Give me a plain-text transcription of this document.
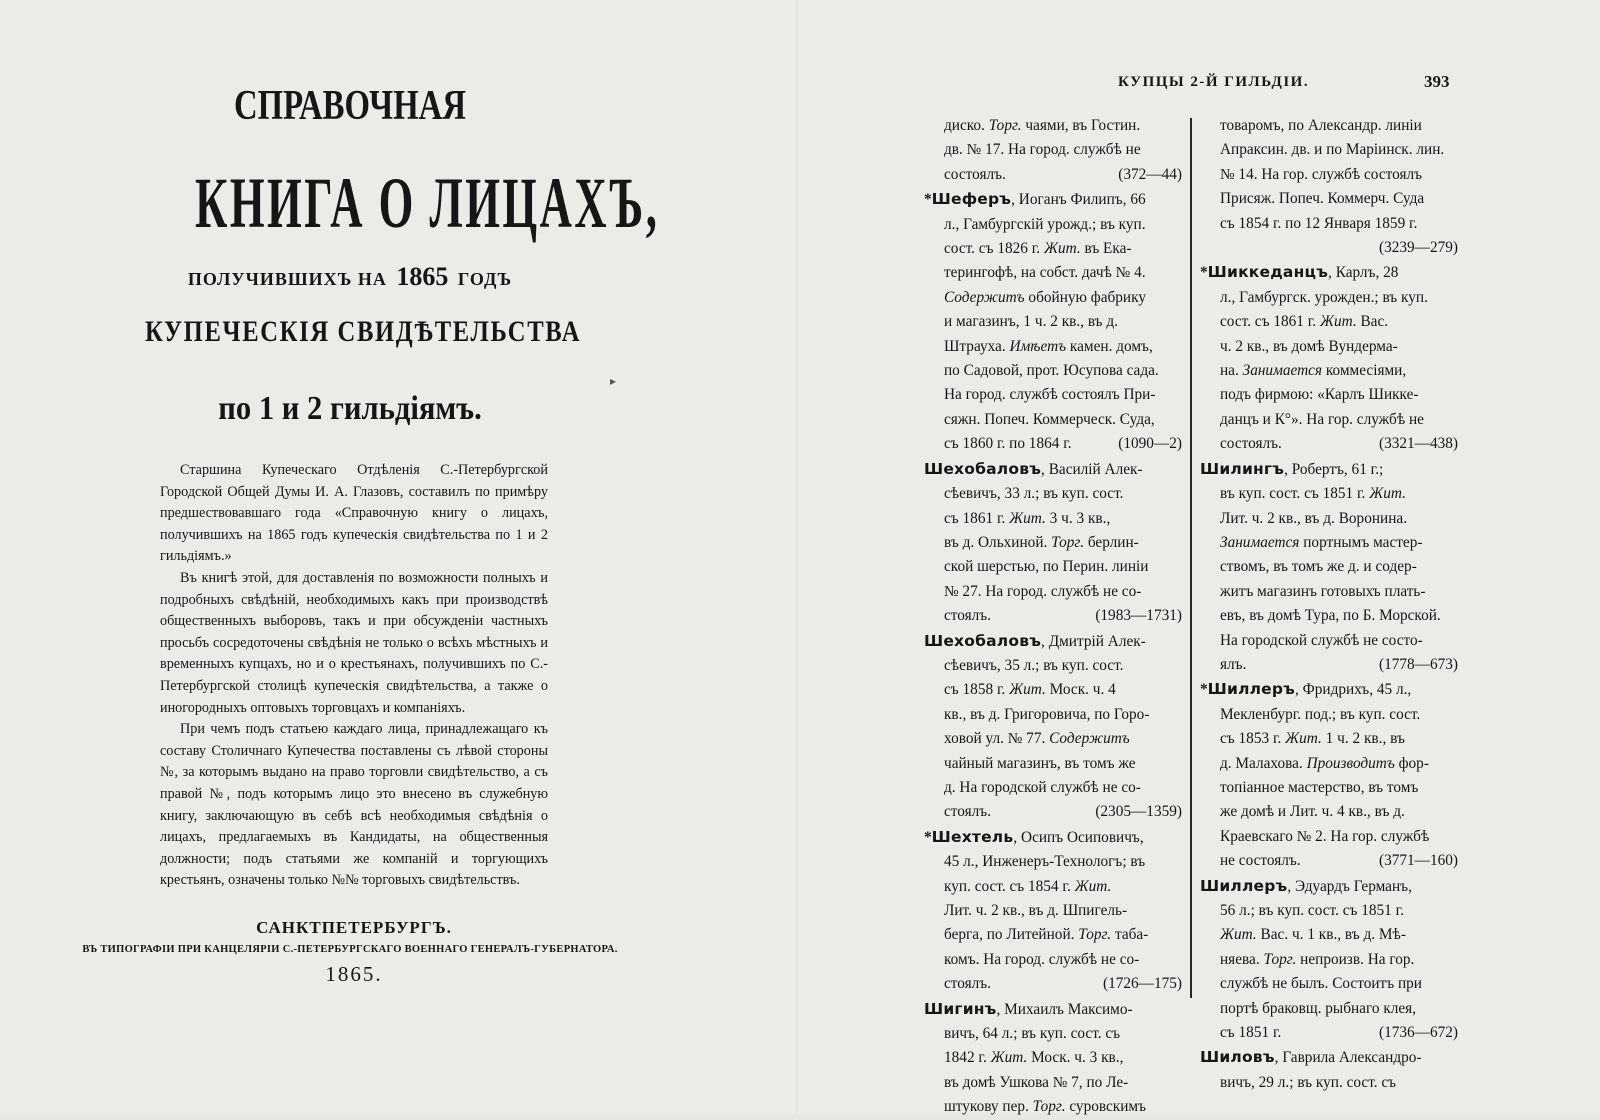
СПРАВОЧНАЯ
КНИГА О ЛИЦАХЪ,
ПОЛУЧИВШИХЪ НА 1865 ГОДЪ
КУПЕЧЕСКІЯ СВИДѢТЕЛЬСТВА
по 1 и 2 гильдіямъ.

Старшина Купеческаго Отдѣленія С.-Петербургской Городской Общей Думы И. А. Глазовъ, составилъ по примѣру предшествовавшаго года «Справочную книгу о лицахъ, получившихъ на 1865 годъ купеческія свидѣтельства по 1 и 2 гильдіямъ.»

Въ книгѣ этой, для доставленія по возможности полныхъ и подробныхъ свѣдѣній, необходимыхъ какъ при производствѣ общественныхъ выборовъ, такъ и при обсужденіи частныхъ просьбъ сосредоточены свѣдѣнія не только о всѣхъ мѣстныхъ и временныхъ купцахъ, но и о крестьянахъ, получившихъ по С.-Петербургской столицѣ купеческія свидѣтельства, а также о иногородныхъ оптовыхъ торговцахъ и компаніяхъ.

При чемъ подъ статьею каждаго лица, принадлежащаго къ составу Столичнаго Купечества поставлены съ лѣвой стороны №, за которымъ выдано на право торговли свидѣтельство, а съ правой №, подъ которымъ лицо это внесено въ служебную книгу, заключающую въ себѣ всѣ необходимыя свѣдѣнія о лицахъ, предлагаемыхъ въ Кандидаты, на общественныя должности; подъ статьями же компаній и торгующихъ крестьянъ, означены только №№ торговыхъ свидѣтельствъ.

САНКТПЕТЕРБУРГЪ.
ВЪ ТИПОГРАФІИ ПРИ КАНЦЕЛЯРІИ С.-ПЕТЕРБУРГСКАГО ВОЕННАГО ГЕНЕРАЛЪ-ГУБЕРНАТОРА.
1865.
▸
КУПЦЫ 2-Й ГИЛЬДІИ.	393
диско. Торг. чаями, въ Гостин.
дв. № 17. На город. службѣ не
состоялъ.	(372—44)
*Шеферъ, Иоганъ Филипъ, 66
л., Гамбургскій урожд.; въ куп.
сост. съ 1826 г. Жит. въ Ека-
терингофѣ, на собст. дачѣ № 4.
Содержитъ обойную фабрику
и магазинъ, 1 ч. 2 кв., въ д.
Штрауха. Имѣетъ камен. домъ,
по Садовой, прот. Юсупова сада.
На город. службѣ состоялъ При-
сяжн. Попеч. Коммерческ. Суда,
съ 1860 г. по 1864 г.	(1090—2)
Шехобаловъ, Василій Алек-
сѣевичъ, 33 л.; въ куп. сост.
съ 1861 г. Жит. 3 ч. 3 кв.,
въ д. Ольхиной. Торг. берлин-
ской шерстью, по Перин. линіи
№ 27. На город. службѣ не со-
стоялъ.	(1983—1731)
Шехобаловъ, Дмитрій Алек-
сѣевичъ, 35 л.; въ куп. сост.
съ 1858 г. Жит. Моск. ч. 4
кв., въ д. Григоровича, по Горо-
ховой ул. № 77. Содержитъ
чайный магазинъ, въ томъ же
д. На городской службѣ не со-
стоялъ.	(2305—1359)
*Шехтель, Осипъ Осиповичъ,
45 л., Инженеръ-Технологъ; въ
куп. сост. съ 1854 г. Жит.
Лит. ч. 2 кв., въ д. Шпигель-
берга, по Литейной. Торг. таба-
комъ. На город. службѣ не со-
стоялъ.	(1726—175)
Шигинъ, Михаилъ Максимо-
вичъ, 64 л.; въ куп. сост. съ
1842 г. Жит. Моск. ч. 3 кв.,
въ домѣ Ушкова № 7, по Ле-
штукову пер. Торг. суровскимъ
товаромъ, по Александр. линіи
Апраксин. дв. и по Маріинск. лин.
№ 14. На гор. службѣ состоялъ
Присяж. Попеч. Коммерч. Суда
съ 1854 г. по 12 Января 1859 г.
(3239—279)
*Шиккеданцъ, Карлъ, 28
л., Гамбургск. урожден.; въ куп.
сост. съ 1861 г. Жит. Вас.
ч. 2 кв., въ домѣ Вундерма-
на. Занимается коммесіями,
подъ фирмою: «Карлъ Шикке-
данцъ и К°». На гор. службѣ не
состоялъ.	(3321—438)
Шилингъ, Робертъ, 61 г.;
въ куп. сост. съ 1851 г. Жит.
Лит. ч. 2 кв., въ д. Воронина.
Занимается портнымъ мастер-
ствомъ, въ томъ же д. и содер-
житъ магазинъ готовыхъ плать-
евъ, въ домѣ Тура, по Б. Морской.
На городской службѣ не состо-
ялъ.	(1778—673)
*Шиллеръ, Фридрихъ, 45 л.,
Мекленбург. под.; въ куп. сост.
съ 1853 г. Жит. 1 ч. 2 кв., въ
д. Малахова. Производитъ фор-
топіанное мастерство, въ томъ
же домѣ и Лит. ч. 4 кв., въ д.
Краевскаго № 2. На гор. службѣ
не состоялъ.	(3771—160)
Шиллеръ, Эдуардъ Германъ,
56 л.; въ куп. сост. съ 1851 г.
Жит. Вас. ч. 1 кв., въ д. Мѣ-
няева. Торг. непроизв. На гор.
службѣ не былъ. Состоитъ при
портѣ браковщ. рыбнаго клея,
съ 1851 г.	(1736—672)
Шиловъ, Гаврила Александро-
вичъ, 29 л.; въ куп. сост. съ
